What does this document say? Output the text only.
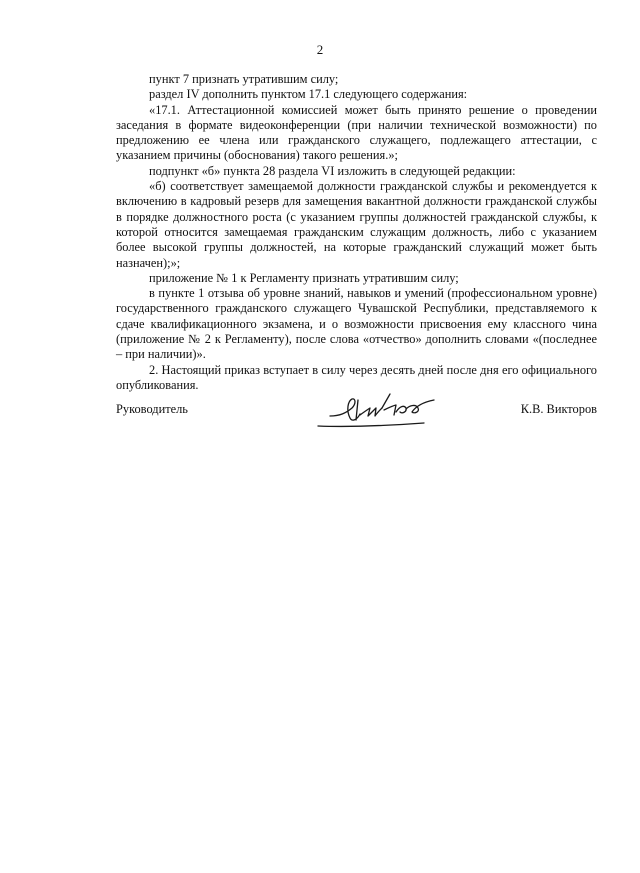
2

пункт 7 признать утратившим силу;

раздел IV дополнить пунктом 17.1 следующего содержания:

«17.1. Аттестационной комиссией может быть принято решение о проведении заседания в формате видеоконференции (при наличии технической возможности) по предложению ее члена или гражданского служащего, подлежащего аттестации, с указанием причины (обоснования) такого решения.»;

подпункт «б» пункта 28 раздела VI изложить в следующей редакции:

«б) соответствует замещаемой должности гражданской службы и рекомендуется к включению в кадровый резерв для замещения вакантной должности гражданской службы в порядке должностного роста (с указанием группы должностей гражданской службы, к которой относится замещаемая гражданским служащим должность, либо с указанием более высокой группы должностей, на которые гражданский служащий может быть назначен);»;

приложение № 1 к Регламенту признать утратившим силу;

в пункте 1 отзыва об уровне знаний, навыков и умений (профессиональном уровне) государственного гражданского служащего Чувашской Республики, представляемого к сдаче квалификационного экзамена, и о возможности присвоения ему классного чина (приложение № 2 к Регламенту), после слова «отчество» дополнить словами «(последнее – при наличии)».

2. Настоящий приказ вступает в силу через десять дней после дня его официального опубликования.

Руководитель	К.В. Викторов
